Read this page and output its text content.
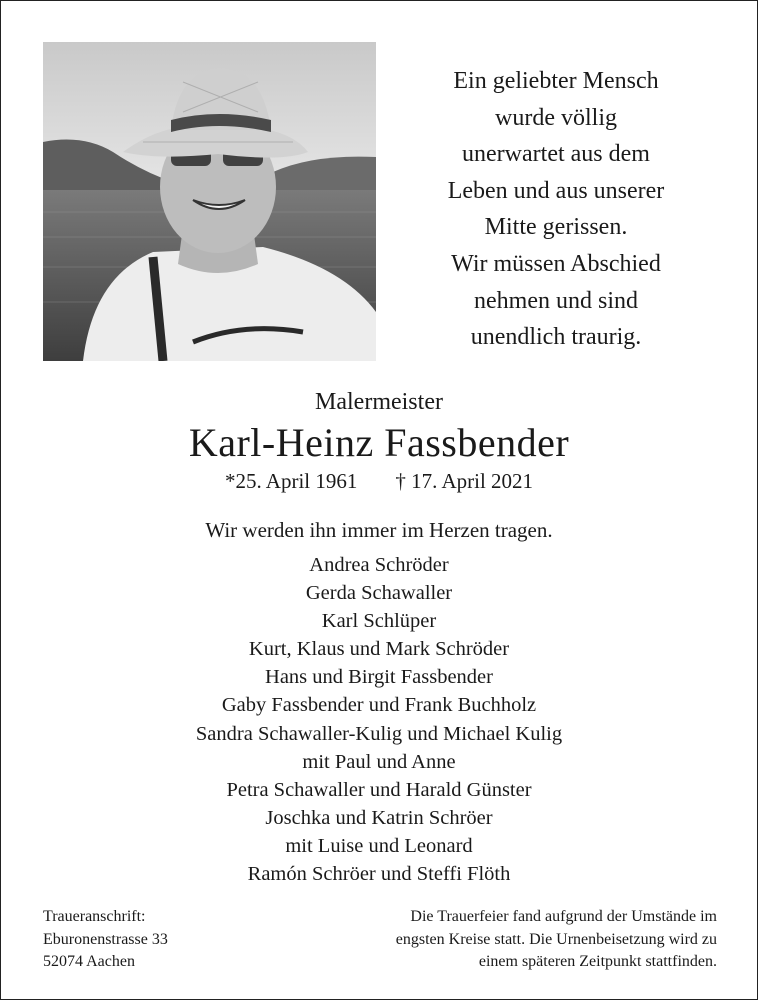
Ein geliebter Mensch
wurde völlig
unerwartet aus dem
Leben und aus unserer
Mitte gerissen.
Wir müssen Abschied
nehmen und sind
unendlich traurig.
Malermeister
Karl-Heinz Fassbender
*25. April 1961 † 17. April 2021
Wir werden ihn immer im Herzen tragen.
Andrea Schröder
Gerda Schawaller
Karl Schlüper
Kurt, Klaus und Mark Schröder
Hans und Birgit Fassbender
Gaby Fassbender und Frank Buchholz
Sandra Schawaller-Kulig und Michael Kulig
mit Paul und Anne
Petra Schawaller und Harald Günster
Joschka und Katrin Schröer
mit Luise und Leonard
Ramón Schröer und Steffi Flöth
Traueranschrift:
Eburonenstrasse 33
52074 Aachen
Die Trauerfeier fand aufgrund der Umstände im
engsten Kreise statt. Die Urnenbeisetzung wird zu
einem späteren Zeitpunkt stattfinden.
